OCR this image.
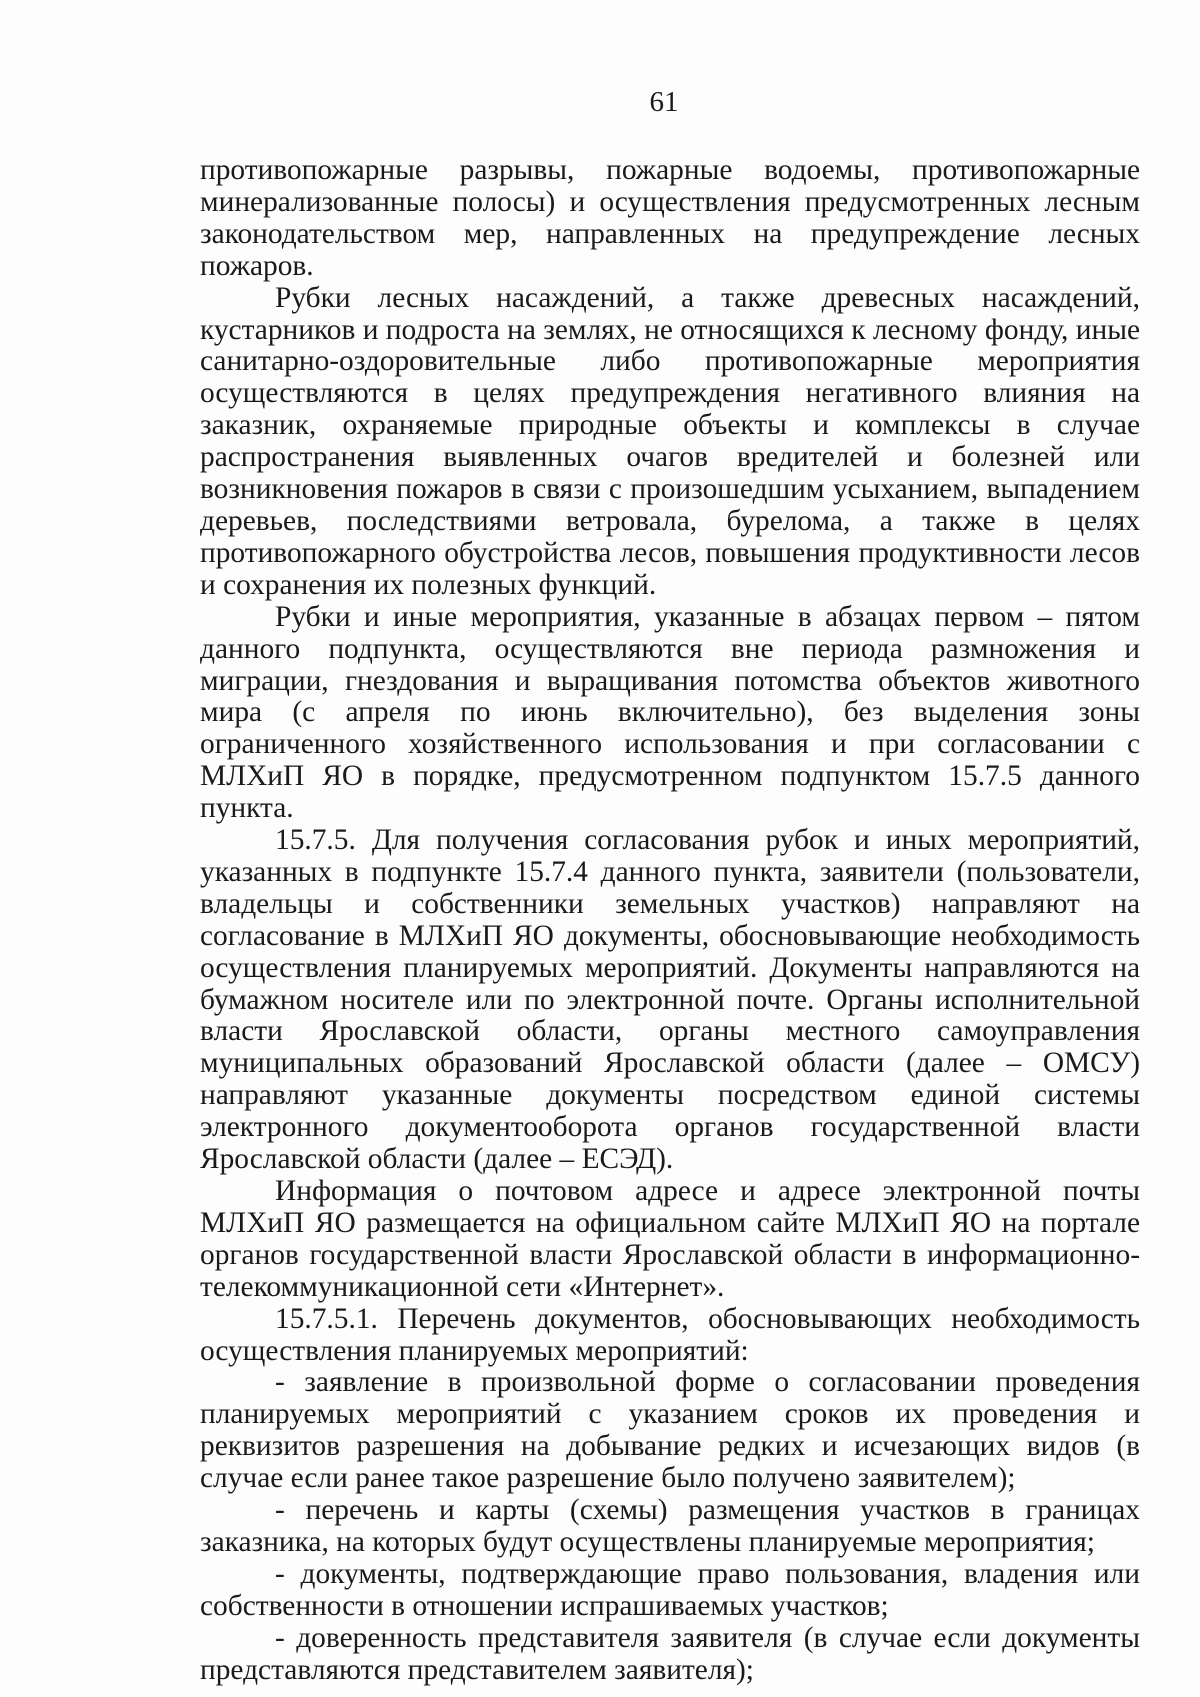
61

противопожарные разрывы, пожарные водоемы, противопожарные минерализованные полосы) и осуществления предусмотренных лесным законодательством мер, направленных на предупреждение лесных пожаров.

Рубки лесных насаждений, а также древесных насаждений, кустарников и подроста на землях, не относящихся к лесному фонду, иные санитарно-оздоровительные либо противопожарные мероприятия осуществляются в целях предупреждения негативного влияния на заказник, охраняемые природные объекты и комплексы в случае распространения выявленных очагов вредителей и болезней или возникновения пожаров в связи с произошедшим усыханием, выпадением деревьев, последствиями ветровала, бурелома, а также в целях противопожарного обустройства лесов, повышения продуктивности лесов и сохранения их полезных функций.

Рубки и иные мероприятия, указанные в абзацах первом – пятом данного подпункта, осуществляются вне периода размножения и миграции, гнездования и выращивания потомства объектов животного мира (с апреля по июнь включительно), без выделения зоны ограниченного хозяйственного использования и при согласовании с МЛХиП ЯО в порядке, предусмотренном подпунктом 15.7.5 данного пункта.

15.7.5. Для получения согласования рубок и иных мероприятий, указанных в подпункте 15.7.4 данного пункта, заявители (пользователи, владельцы и собственники земельных участков) направляют на согласование в МЛХиП ЯО документы, обосновывающие необходимость осуществления планируемых мероприятий. Документы направляются на бумажном носителе или по электронной почте. Органы исполнительной власти Ярославской области, органы местного самоуправления муниципальных образований Ярославской области (далее – ОМСУ) направляют указанные документы посредством единой системы электронного документооборота органов государственной власти Ярославской области (далее – ЕСЭД).

Информация о почтовом адресе и адресе электронной почты МЛХиП ЯО размещается на официальном сайте МЛХиП ЯО на портале органов государственной власти Ярославской области в информационно-телекоммуникационной сети «Интернет».

15.7.5.1. Перечень документов, обосновывающих необходимость осуществления планируемых мероприятий:

- заявление в произвольной форме о согласовании проведения планируемых мероприятий с указанием сроков их проведения и реквизитов разрешения на добывание редких и исчезающих видов (в случае если ранее такое разрешение было получено заявителем);

- перечень и карты (схемы) размещения участков в границах заказника, на которых будут осуществлены планируемые мероприятия;

- документы, подтверждающие право пользования, владения или собственности в отношении испрашиваемых участков;

- доверенность представителя заявителя (в случае если документы представляются представителем заявителя);
